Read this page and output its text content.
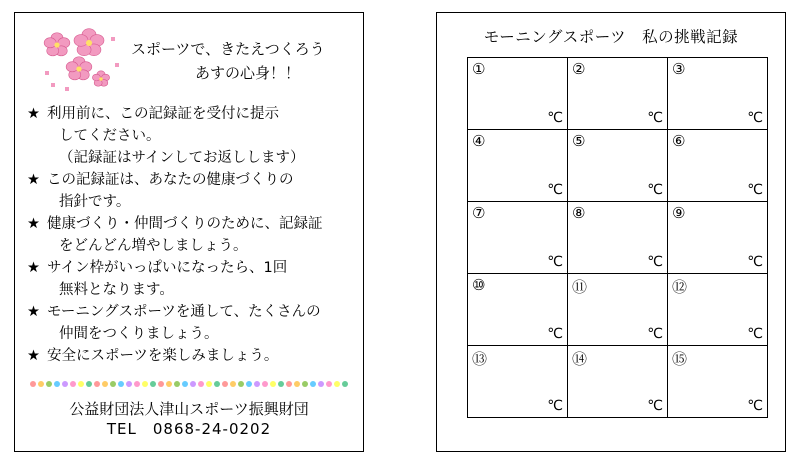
スポーツで、きたえつくろう
あすの心身！！
★ 利用前に、この記録証を受付に提示
してください。
（記録証はサインしてお返しします）
★ この記録証は、あなたの健康づくりの
指針です。
★ 健康づくり・仲間づくりのために、記録証
をどんどん増やしましょう。
★ サイン枠がいっぱいになったら、1回
無料となります。
★ モーニングスポーツを通して、たくさんの
仲間をつくりましょう。
★ 安全にスポーツを楽しみましょう。
公益財団法人津山スポーツ振興財団
TEL　0868-24-0202
モーニングスポーツ　私の挑戦記録
①
℃
②
℃
③
℃
④
℃
⑤
℃
⑥
℃
⑦
℃
⑧
℃
⑨
℃
⑩
℃
⑪
℃
⑫
℃
⑬
℃
⑭
℃
⑮
℃
